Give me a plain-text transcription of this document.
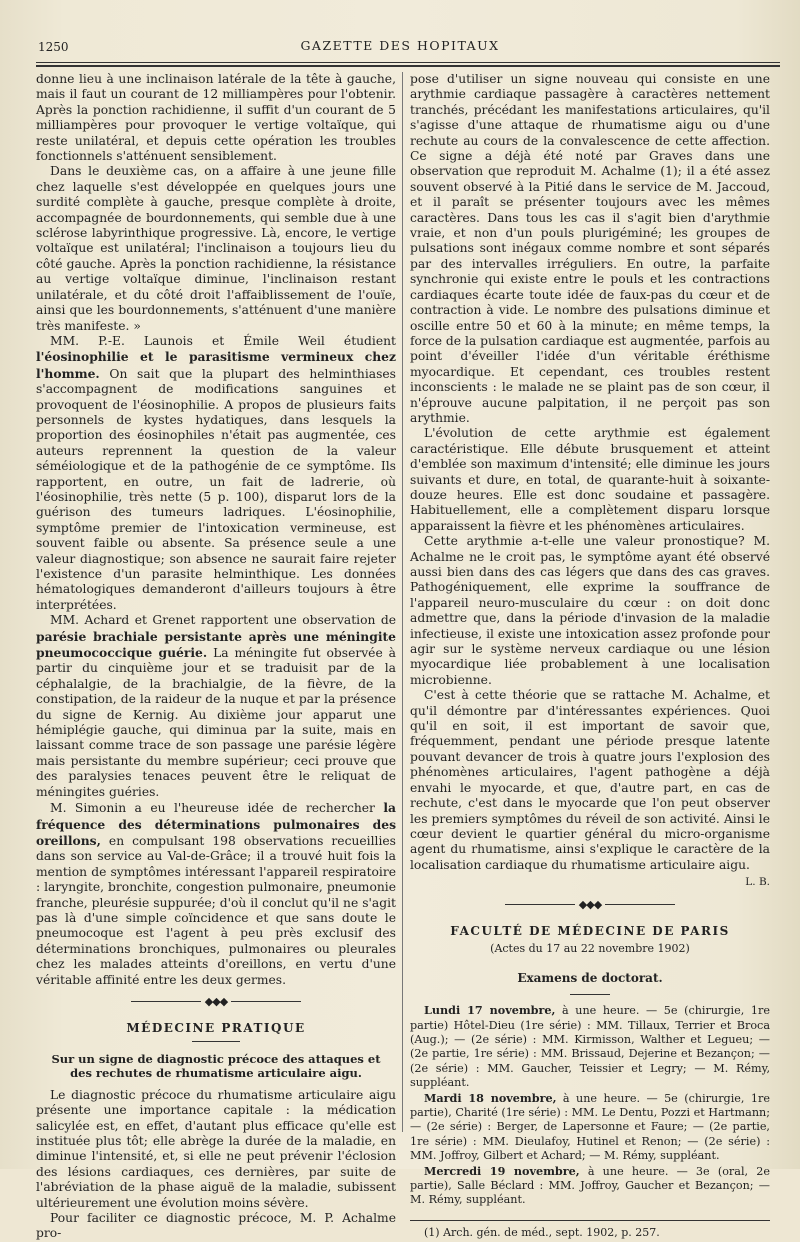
1250	GAZETTE DES HOPITAUX

donne lieu à une inclinaison latérale de la tête à gauche, mais il faut un courant de 12 milliampères pour l'obtenir. Après la ponction rachidienne, il suffit d'un courant de 5 milliampères pour provoquer le vertige voltaïque, qui reste unilatéral, et depuis cette opération les troubles fonctionnels s'atténuent sensiblement.

Dans le deuxième cas, on a affaire à une jeune fille chez laquelle s'est développée en quelques jours une surdité complète à gauche, presque complète à droite, accompagnée de bourdonnements, qui semble due à une sclérose labyrinthique progressive. Là, encore, le vertige voltaïque est unilatéral; l'inclinaison a toujours lieu du côté gauche. Après la ponction rachidienne, la résistance au vertige voltaïque diminue, l'inclinaison restant unilatérale, et du côté droit l'affaiblissement de l'ouïe, ainsi que les bourdonnements, s'atténuent d'une manière très manifeste. »

MM. P.-E. Launois et Émile Weil étudient l'éosinophilie et le parasitisme vermineux chez l'homme. On sait que la plupart des helminthiases s'accompagnent de modifications sanguines et provoquent de l'éosinophilie. A propos de plusieurs faits personnels de kystes hydatiques, dans lesquels la proportion des éosinophiles n'était pas augmentée, ces auteurs reprennent la question de la valeur séméiologique et de la pathogénie de ce symptôme. Ils rapportent, en outre, un fait de ladrerie, où l'éosinophilie, très nette (5 p. 100), disparut lors de la guérison des tumeurs ladriques. L'éosinophilie, symptôme premier de l'intoxication vermineuse, est souvent faible ou absente. Sa présence seule a une valeur diagnostique; son absence ne saurait faire rejeter l'existence d'un parasite helminthique. Les données hématologiques demanderont d'ailleurs toujours à être interprétées.

MM. Achard et Grenet rapportent une observation de parésie brachiale persistante après une méningite pneumococcique guérie. La méningite fut observée à partir du cinquième jour et se traduisit par de la céphalalgie, de la brachialgie, de la fièvre, de la constipation, de la raideur de la nuque et par la présence du signe de Kernig. Au dixième jour apparut une hémiplégie gauche, qui diminua par la suite, mais en laissant comme trace de son passage une parésie légère mais persistante du membre supérieur; ceci prouve que des paralysies tenaces peuvent être le reliquat de méningites guéries.

M. Simonin a eu l'heureuse idée de rechercher la fréquence des déterminations pulmonaires des oreillons, en compulsant 198 observations recueillies dans son service au Val-de-Grâce; il a trouvé huit fois la mention de symptômes intéressant l'appareil respiratoire : laryngite, bronchite, congestion pulmonaire, pneumonie franche, pleurésie suppurée; d'où il conclut qu'il ne s'agit pas là d'une simple coïncidence et que sans doute le pneumocoque est l'agent à peu près exclusif des déterminations bronchiques, pulmonaires ou pleurales chez les malades atteints d'oreillons, en vertu d'une véritable affinité entre les deux germes.

◆◆◆
MÉDECINE PRATIQUE
Sur un signe de diagnostic précoce des attaques et des rechutes de rhumatisme articulaire aigu.

Le diagnostic précoce du rhumatisme articulaire aigu présente une importance capitale : la médication salicylée est, en effet, d'autant plus efficace qu'elle est instituée plus tôt; elle abrège la durée de la maladie, en diminue l'intensité, et, si elle ne peut prévenir l'éclosion des lésions cardiaques, ces dernières, par suite de l'abréviation de la phase aiguë de la maladie, subissent ultérieurement une évolution moins sévère.

Pour faciliter ce diagnostic précoce, M. P. Achalme pro-

pose d'utiliser un signe nouveau qui consiste en une arythmie cardiaque passagère à caractères nettement tranchés, précédant les manifestations articulaires, qu'il s'agisse d'une attaque de rhumatisme aigu ou d'une rechute au cours de la convalescence de cette affection. Ce signe a déjà été noté par Graves dans une observation que reproduit M. Achalme (1); il a été assez souvent observé à la Pitié dans le service de M. Jaccoud, et il paraît se présenter toujours avec les mêmes caractères. Dans tous les cas il s'agit bien d'arythmie vraie, et non d'un pouls plurigéminé; les groupes de pulsations sont inégaux comme nombre et sont séparés par des intervalles irréguliers. En outre, la parfaite synchronie qui existe entre le pouls et les contractions cardiaques écarte toute idée de faux-pas du cœur et de contraction à vide. Le nombre des pulsations diminue et oscille entre 50 et 60 à la minute; en même temps, la force de la pulsation cardiaque est augmentée, parfois au point d'éveiller l'idée d'un véritable éréthisme myocardique. Et cependant, ces troubles restent inconscients : le malade ne se plaint pas de son cœur, il n'éprouve aucune palpitation, il ne perçoit pas son arythmie.

L'évolution de cette arythmie est également caractéristique. Elle débute brusquement et atteint d'emblée son maximum d'intensité; elle diminue les jours suivants et dure, en total, de quarante-huit à soixante-douze heures. Elle est donc soudaine et passagère. Habituellement, elle a complètement disparu lorsque apparaissent la fièvre et les phénomènes articulaires.

Cette arythmie a-t-elle une valeur pronostique? M. Achalme ne le croit pas, le symptôme ayant été observé aussi bien dans des cas légers que dans des cas graves. Pathogéniquement, elle exprime la souffrance de l'appareil neuro-musculaire du cœur : on doit donc admettre que, dans la période d'invasion de la maladie infectieuse, il existe une intoxication assez profonde pour agir sur le système nerveux cardiaque ou une lésion myocardique liée probablement à une localisation microbienne.

C'est à cette théorie que se rattache M. Achalme, et qu'il démontre par d'intéressantes expériences. Quoi qu'il en soit, il est important de savoir que, fréquemment, pendant une période presque latente pouvant devancer de trois à quatre jours l'explosion des phénomènes articulaires, l'agent pathogène a déjà envahi le myocarde, et que, d'autre part, en cas de rechute, c'est dans le myocarde que l'on peut observer les premiers symptômes du réveil de son activité. Ainsi le cœur devient le quartier général du micro-organisme agent du rhumatisme, ainsi s'explique le caractère de la localisation cardiaque du rhumatisme articulaire aigu.

L. B.
◆◆◆
FACULTÉ DE MÉDECINE DE PARIS
(Actes du 17 au 22 novembre 1902)
Examens de doctorat.

Lundi 17 novembre, à une heure. — 5e (chirurgie, 1re partie) Hôtel-Dieu (1re série) : MM. Tillaux, Terrier et Broca (Aug.); — (2e série) : MM. Kirmisson, Walther et Legueu; — (2e partie, 1re série) : MM. Brissaud, Dejerine et Bezançon; — (2e série) : MM. Gaucher, Teissier et Legry; — M. Rémy, suppléant.

Mardi 18 novembre, à une heure. — 5e (chirurgie, 1re partie), Charité (1re série) : MM. Le Dentu, Pozzi et Hartmann; — (2e série) : Berger, de Lapersonne et Faure; — (2e partie, 1re série) : MM. Dieulafoy, Hutinel et Renon; — (2e série) : MM. Joffroy, Gilbert et Achard; — M. Rémy, suppléant.

Mercredi 19 novembre, à une heure. — 3e (oral, 2e partie), Salle Béclard : MM. Joffroy, Gaucher et Bezançon; — M. Rémy, suppléant.

(1) Arch. gén. de méd., sept. 1902, p. 257.
